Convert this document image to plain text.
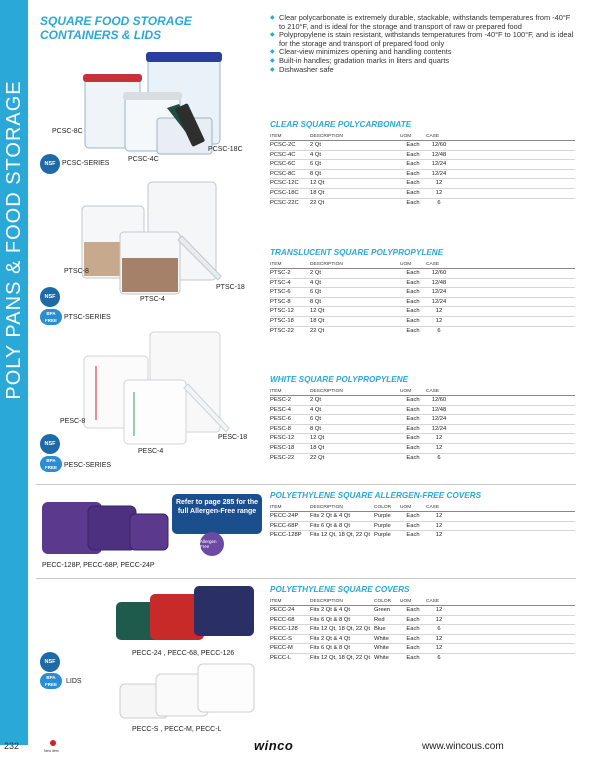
POLY PANS & FOOD STORAGE
SQUARE FOOD STORAGE
CONTAINERS & LIDS
◆ Clear polycarbonate is extremely durable, stackable, withstands temperatures from -40°F to 210°F, and is ideal for the storage and transport of raw or prepared food
◆ Polypropylene is stain resistant, withstands temperatures from -40°F to 100°F, and is ideal for the storage and transport of prepared food only
◆ Clear-view minimizes opening and handling contents
◆ Built-in handles; gradation marks in liters and quarts
◆ Dishwasher safe
PCSC-8C
PCSC-4C
PCSC-18C
NSF PCSC-SERIES
PTSC-8
PTSC-4
PTSC-18
NSF
BPA
FREE	PTSC-SERIES
PESC-8
PESC-4
PESC-18
NSF
BPA
FREE	PESC-SERIES
Refer to page 285 for the full Allergen-Free range
Allergen Free
PECC-128P, PECC-68P, PECC-24P
PECC-24 , PECC-68, PECC-126
NSF
BPA
FREE	LIDS
PECC-S , PECC-M, PECC-L
CLEAR SQUARE POLYCARBONATE
ITEM	DESCRIPTION	UOM	CASE	
PCSC-2C	2 Qt	Each	12/60	
PCSC-4C	4 Qt	Each	12/48	
PCSC-6C	6 Qt	Each	12/24	
PCSC-8C	8 Qt	Each	12/24	
PCSC-12C	12 Qt	Each	12	
PCSC-18C	18 Qt	Each	12	
PCSC-22C	22 Qt	Each	6	
TRANSLUCENT SQUARE POLYPROPYLENE
ITEM	DESCRIPTION	UOM	CASE	
PTSC-2	2 Qt	Each	12/60	
PTSC-4	4 Qt	Each	12/48	
PTSC-6	6 Qt	Each	12/24	
PTSC-8	8 Qt	Each	12/24	
PTSC-12	12 Qt	Each	12	
PTSC-18	18 Qt	Each	12	
PTSC-22	22 Qt	Each	6	
WHITE SQUARE POLYPROPYLENE
ITEM	DESCRIPTION	UOM	CASE	
PESC-2	2 Qt	Each	12/60	
PESC-4	4 Qt	Each	12/48	
PESC-6	6 Qt	Each	12/24	
PESC-8	8 Qt	Each	12/24	
PESC-12	12 Qt	Each	12	
PESC-18	18 Qt	Each	12	
PESC-22	22 Qt	Each	6	
POLYETHYLENE SQUARE ALLERGEN-FREE COVERS
ITEM	DESCRIPTION	COLOR	UOM	CASE	
PECC-24P	Fits 2 Qt & 4 Qt	Purple	Each	12	
PECC-68P	Fits 6 Qt & 8 Qt	Purple	Each	12	
PECC-128P	Fits 12 Qt, 18 Qt, 22 Qt	Purple	Each	12	
POLYETHYLENE SQUARE COVERS
ITEM	DESCRIPTION	COLOR	UOM	CASE	
PECC-24	Fits 2 Qt & 4 Qt	Green	Each	12	
PECC-68	Fits 6 Qt & 8 Qt	Red	Each	12	
PECC-128	Fits 12 Qt, 18 Qt, 22 Qt	Blue	Each	6	
PECC-S	Fits 2 Qt & 4 Qt	White	Each	12	
PECC-M	Fits 6 Qt & 8 Qt	White	Each	12	
PECC-L	Fits 12 Qt, 18 Qt, 22 Qt	White	Each	6	
232	New Item	winco	www.wincous.com
